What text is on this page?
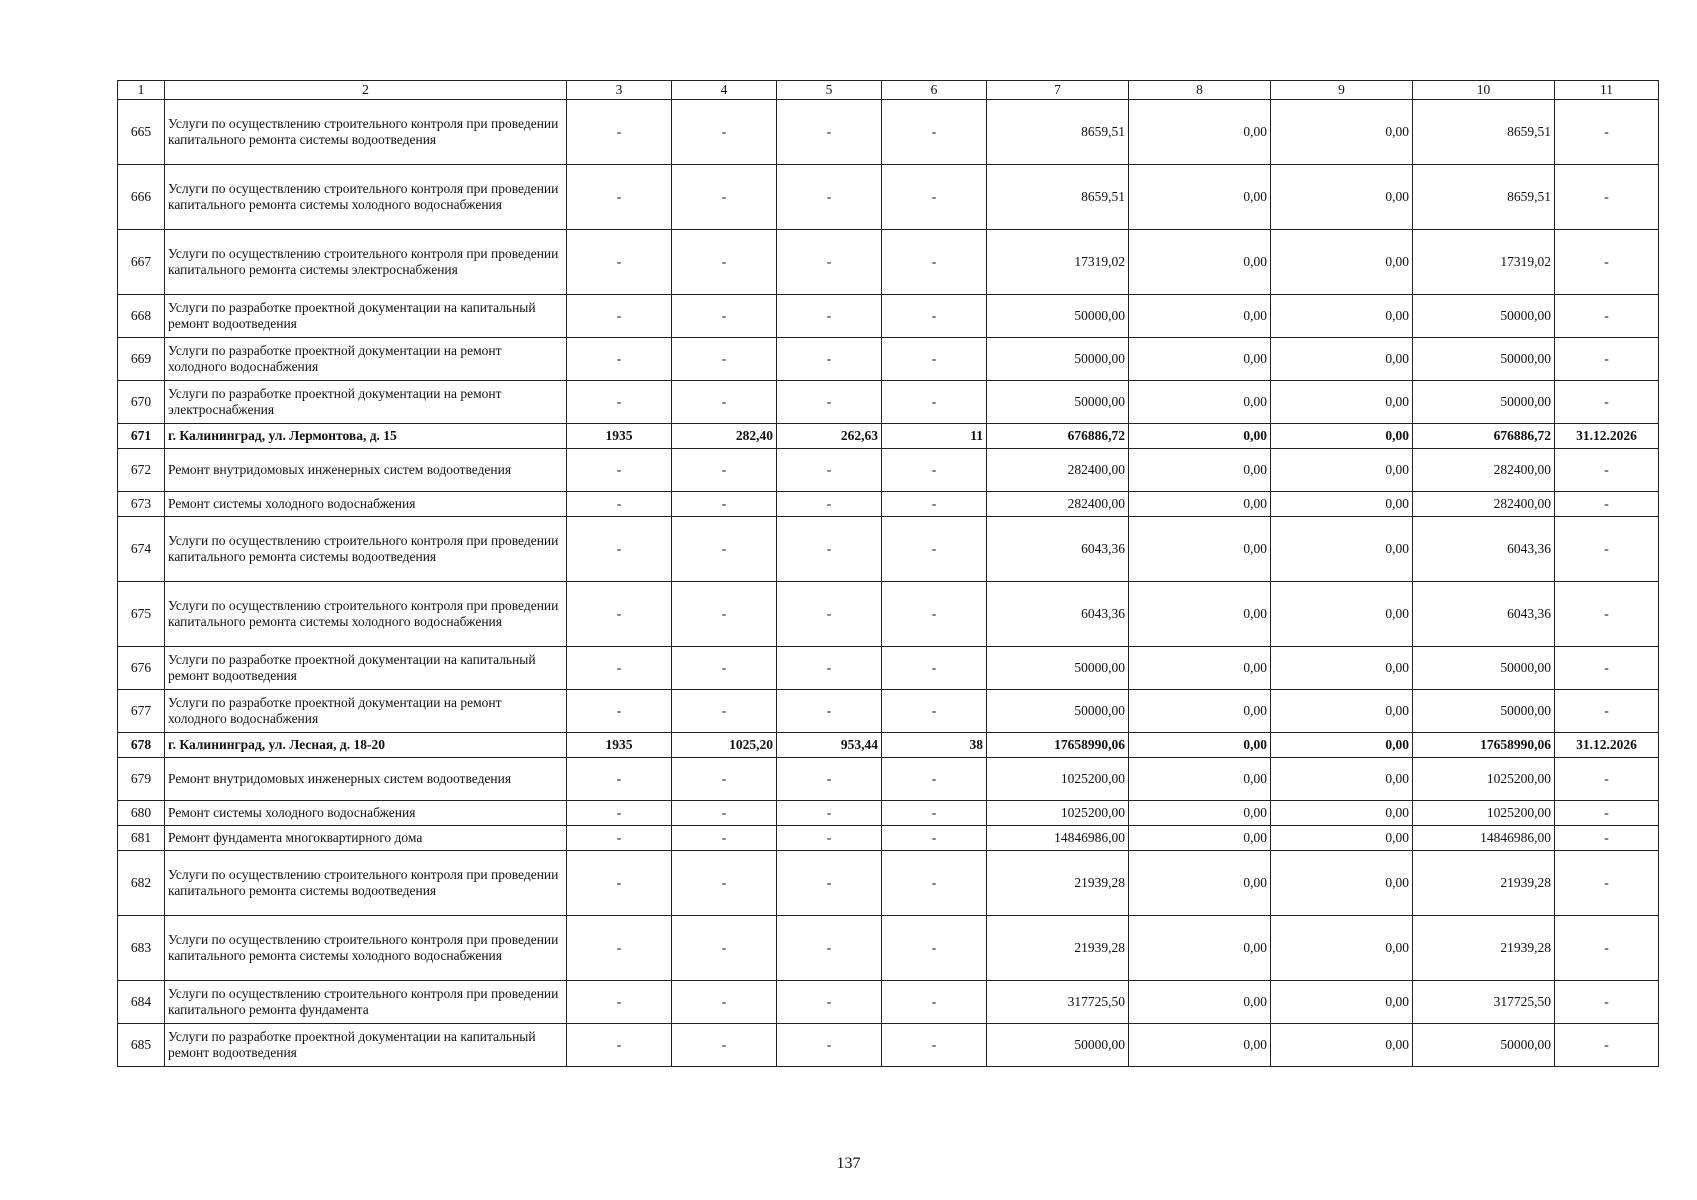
1	2	3	4	5	6	7	8	9	10	11
665	Услуги по осуществлению строительного контроля при проведении капитального ремонта системы водоотведения	-	-	-	-	8659,51	0,00	0,00	8659,51	-
666	Услуги по осуществлению строительного контроля при проведении капитального ремонта системы холодного водоснабжения	-	-	-	-	8659,51	0,00	0,00	8659,51	-
667	Услуги по осуществлению строительного контроля при проведении капитального ремонта системы электроснабжения	-	-	-	-	17319,02	0,00	0,00	17319,02	-
668	Услуги по разработке проектной документации на капитальный ремонт водоотведения	-	-	-	-	50000,00	0,00	0,00	50000,00	-
669	Услуги по разработке проектной документации на ремонт холодного водоснабжения	-	-	-	-	50000,00	0,00	0,00	50000,00	-
670	Услуги по разработке проектной документации на ремонт электроснабжения	-	-	-	-	50000,00	0,00	0,00	50000,00	-
671	г. Калининград, ул. Лермонтова, д. 15	1935	282,40	262,63	11	676886,72	0,00	0,00	676886,72	31.12.2026
672	Ремонт внутридомовых инженерных систем водоотведения	-	-	-	-	282400,00	0,00	0,00	282400,00	-
673	Ремонт системы холодного водоснабжения	-	-	-	-	282400,00	0,00	0,00	282400,00	-
674	Услуги по осуществлению строительного контроля при проведении капитального ремонта системы водоотведения	-	-	-	-	6043,36	0,00	0,00	6043,36	-
675	Услуги по осуществлению строительного контроля при проведении капитального ремонта системы холодного водоснабжения	-	-	-	-	6043,36	0,00	0,00	6043,36	-
676	Услуги по разработке проектной документации на капитальный ремонт водоотведения	-	-	-	-	50000,00	0,00	0,00	50000,00	-
677	Услуги по разработке проектной документации на ремонт холодного водоснабжения	-	-	-	-	50000,00	0,00	0,00	50000,00	-
678	г. Калининград, ул. Лесная, д. 18-20	1935	1025,20	953,44	38	17658990,06	0,00	0,00	17658990,06	31.12.2026
679	Ремонт внутридомовых инженерных систем водоотведения	-	-	-	-	1025200,00	0,00	0,00	1025200,00	-
680	Ремонт системы холодного водоснабжения	-	-	-	-	1025200,00	0,00	0,00	1025200,00	-
681	Ремонт фундамента многоквартирного дома	-	-	-	-	14846986,00	0,00	0,00	14846986,00	-
682	Услуги по осуществлению строительного контроля при проведении капитального ремонта системы водоотведения	-	-	-	-	21939,28	0,00	0,00	21939,28	-
683	Услуги по осуществлению строительного контроля при проведении капитального ремонта системы холодного водоснабжения	-	-	-	-	21939,28	0,00	0,00	21939,28	-
684	Услуги по осуществлению строительного контроля при проведении капитального ремонта фундамента	-	-	-	-	317725,50	0,00	0,00	317725,50	-
685	Услуги по разработке проектной документации на капитальный ремонт водоотведения	-	-	-	-	50000,00	0,00	0,00	50000,00	-
137
